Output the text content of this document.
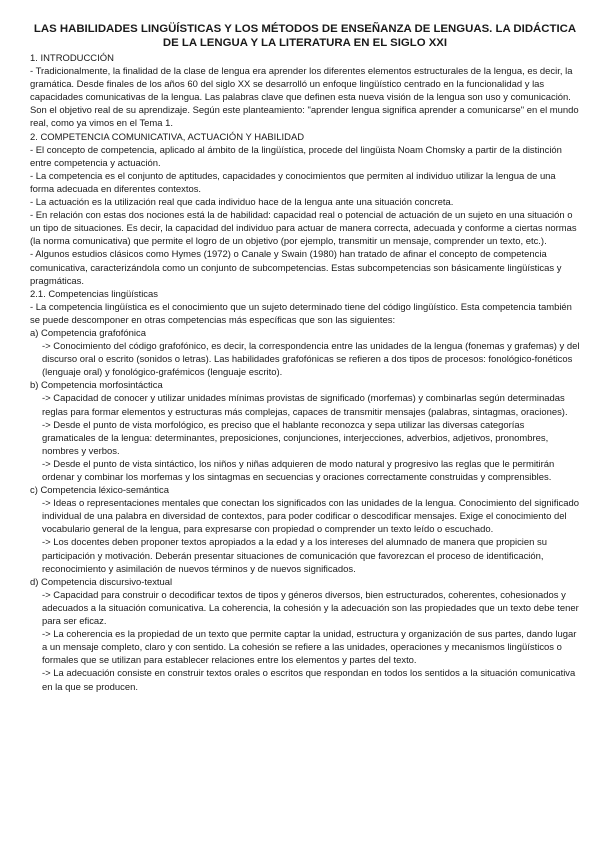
LAS HABILIDADES LINGÜÍSTICAS Y LOS MÉTODOS DE ENSEÑANZA DE LENGUAS. LA DIDÁCTICA DE LA LENGUA Y LA LITERATURA EN EL SIGLO XXI

1. INTRODUCCIÓN

- Tradicionalmente, la finalidad de la clase de lengua era aprender los diferentes elementos estructurales de la lengua, es decir, la gramática. Desde finales de los años 60 del siglo XX se desarrolló un enfoque lingüístico centrado en la funcionalidad y las capacidades comunicativas de la lengua. Las palabras clave que definen esta nueva visión de la lengua son uso y comunicación. Son el objetivo real de su aprendizaje. Según este planteamiento: "aprender lengua significa aprender a comunicarse" en el mundo real, como ya vimos en el Tema 1.

2. COMPETENCIA COMUNICATIVA, ACTUACIÓN Y HABILIDAD

- El concepto de competencia, aplicado al ámbito de la lingüística, procede del lingüista Noam Chomsky a partir de la distinción entre competencia y actuación.

- La competencia es el conjunto de aptitudes, capacidades y conocimientos que permiten al individuo utilizar la lengua de una forma adecuada en diferentes contextos.

- La actuación es la utilización real que cada individuo hace de la lengua ante una situación concreta.

- En relación con estas dos nociones está la de habilidad: capacidad real o potencial de actuación de un sujeto en una situación o un tipo de situaciones. Es decir, la capacidad del individuo para actuar de manera correcta, adecuada y conforme a ciertas normas (la norma comunicativa) que permite el logro de un objetivo (por ejemplo, transmitir un mensaje, comprender un texto, etc.).

- Algunos estudios clásicos como Hymes (1972) o Canale y Swain (1980) han tratado de afinar el concepto de competencia comunicativa, caracterizándola como un conjunto de subcompetencias. Estas subcompetencias son básicamente lingüísticas y pragmáticas.

2.1. Competencias lingüísticas

- La competencia lingüística es el conocimiento que un sujeto determinado tiene del código lingüístico. Esta competencia también se puede descomponer en otras competencias más específicas que son las siguientes:

a) Competencia grafofónica

-> Conocimiento del código grafofónico, es decir, la correspondencia entre las unidades de la lengua (fonemas y grafemas) y del discurso oral o escrito (sonidos o letras). Las habilidades grafofónicas se refieren a dos tipos de procesos: fonológico-fonéticos (lenguaje oral) y fonológico-grafémicos (lenguaje escrito).

b) Competencia morfosintáctica

-> Capacidad de conocer y utilizar unidades mínimas provistas de significado (morfemas) y combinarlas según determinadas reglas para formar elementos y estructuras más complejas, capaces de transmitir mensajes (palabras, sintagmas, oraciones).

-> Desde el punto de vista morfológico, es preciso que el hablante reconozca y sepa utilizar las diversas categorías gramaticales de la lengua: determinantes, preposiciones, conjunciones, interjecciones, adverbios, adjetivos, pronombres, nombres y verbos.

-> Desde el punto de vista sintáctico, los niños y niñas adquieren de modo natural y progresivo las reglas que le permitirán ordenar y combinar los morfemas y los sintagmas en secuencias y oraciones correctamente construidas y comprensibles.

c) Competencia léxico-semántica

-> Ideas o representaciones mentales que conectan los significados con las unidades de la lengua. Conocimiento del significado individual de una palabra en diversidad de contextos, para poder codificar o descodificar mensajes. Exige el conocimiento del vocabulario general de la lengua, para expresarse con propiedad o comprender un texto leído o escuchado.

-> Los docentes deben proponer textos apropiados a la edad y a los intereses del alumnado de manera que propicien su participación y motivación. Deberán presentar situaciones de comunicación que favorezcan el proceso de identificación, reconocimiento y asimilación de nuevos términos y de nuevos significados.

d) Competencia discursivo-textual

-> Capacidad para construir o decodificar textos de tipos y géneros diversos, bien estructurados, coherentes, cohesionados y adecuados a la situación comunicativa. La coherencia, la cohesión y la adecuación son las propiedades que un texto debe tener para ser eficaz.

-> La coherencia es la propiedad de un texto que permite captar la unidad, estructura y organización de sus partes, dando lugar a un mensaje completo, claro y con sentido. La cohesión se refiere a las unidades, operaciones y mecanismos lingüísticos o formales que se utilizan para establecer relaciones entre los elementos y partes del texto.

-> La adecuación consiste en construir textos orales o escritos que respondan en todos los sentidos a la situación comunicativa en la que se producen.
